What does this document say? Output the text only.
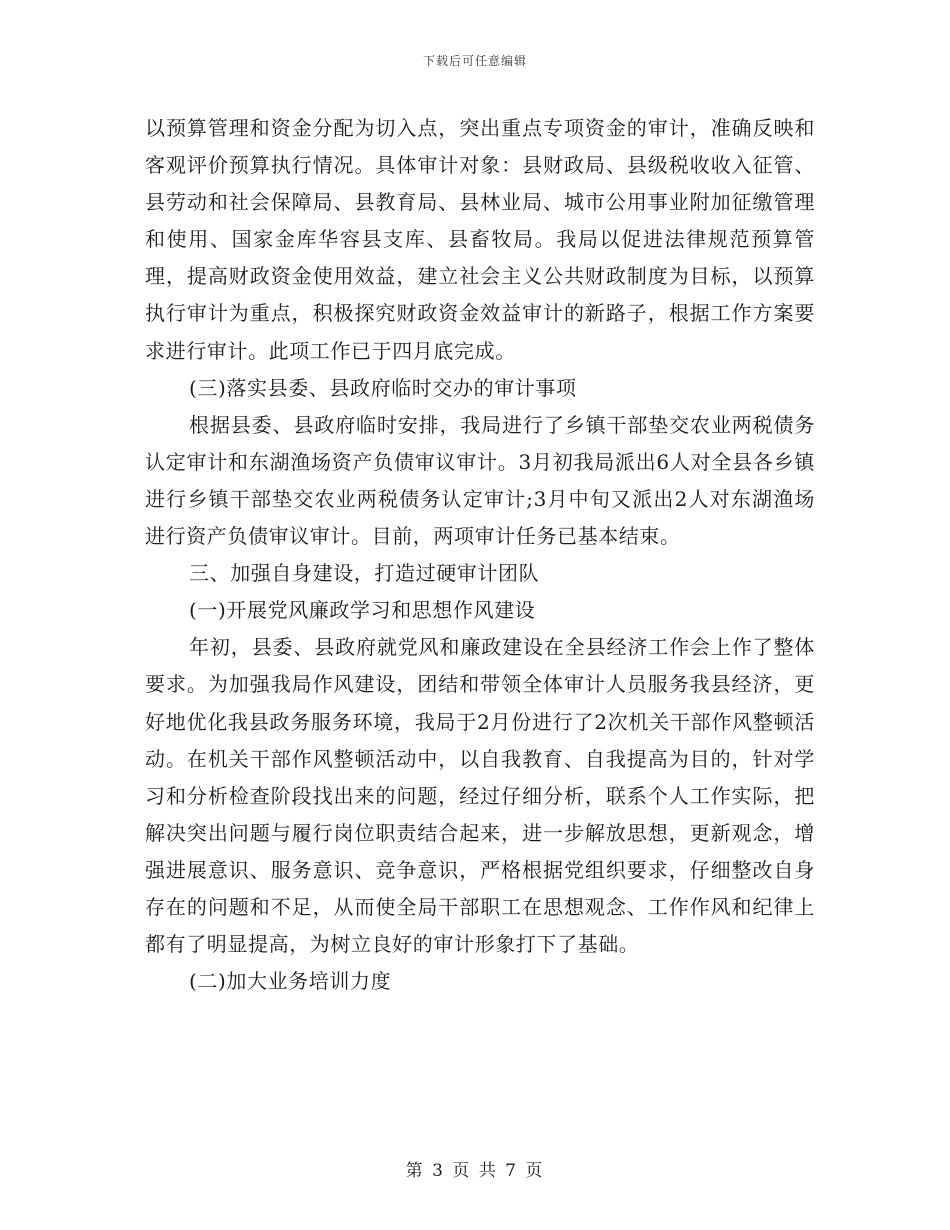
下载后可任意编辑

以预算管理和资金分配为切入点，突出重点专项资金的审计，准确反映和客观评价预算执行情况。具体审计对象：县财政局、县级税收收入征管、县劳动和社会保障局、县教育局、县林业局、城市公用事业附加征缴管理和使用、国家金库华容县支库、县畜牧局。我局以促进法律规范预算管理，提高财政资金使用效益，建立社会主义公共财政制度为目标，以预算执行审计为重点，积极探究财政资金效益审计的新路子，根据工作方案要求进行审计。此项工作已于四月底完成。

(三)落实县委、县政府临时交办的审计事项

根据县委、县政府临时安排，我局进行了乡镇干部垫交农业两税债务认定审计和东湖渔场资产负债审议审计。3月初我局派出6人对全县各乡镇进行乡镇干部垫交农业两税债务认定审计;3月中旬又派出2人对东湖渔场进行资产负债审议审计。目前，两项审计任务已基本结束。

三、加强自身建设，打造过硬审计团队

(一)开展党风廉政学习和思想作风建设

年初，县委、县政府就党风和廉政建设在全县经济工作会上作了整体要求。为加强我局作风建设，团结和带领全体审计人员服务我县经济，更好地优化我县政务服务环境，我局于2月份进行了2次机关干部作风整顿活动。在机关干部作风整顿活动中，以自我教育、自我提高为目的，针对学习和分析检查阶段找出来的问题，经过仔细分析，联系个人工作实际，把解决突出问题与履行岗位职责结合起来，进一步解放思想，更新观念，增强进展意识、服务意识、竞争意识，严格根据党组织要求，仔细整改自身存在的问题和不足，从而使全局干部职工在思想观念、工作作风和纪律上都有了明显提高，为树立良好的审计形象打下了基础。

(二)加大业务培训力度

第 3 页 共 7 页
